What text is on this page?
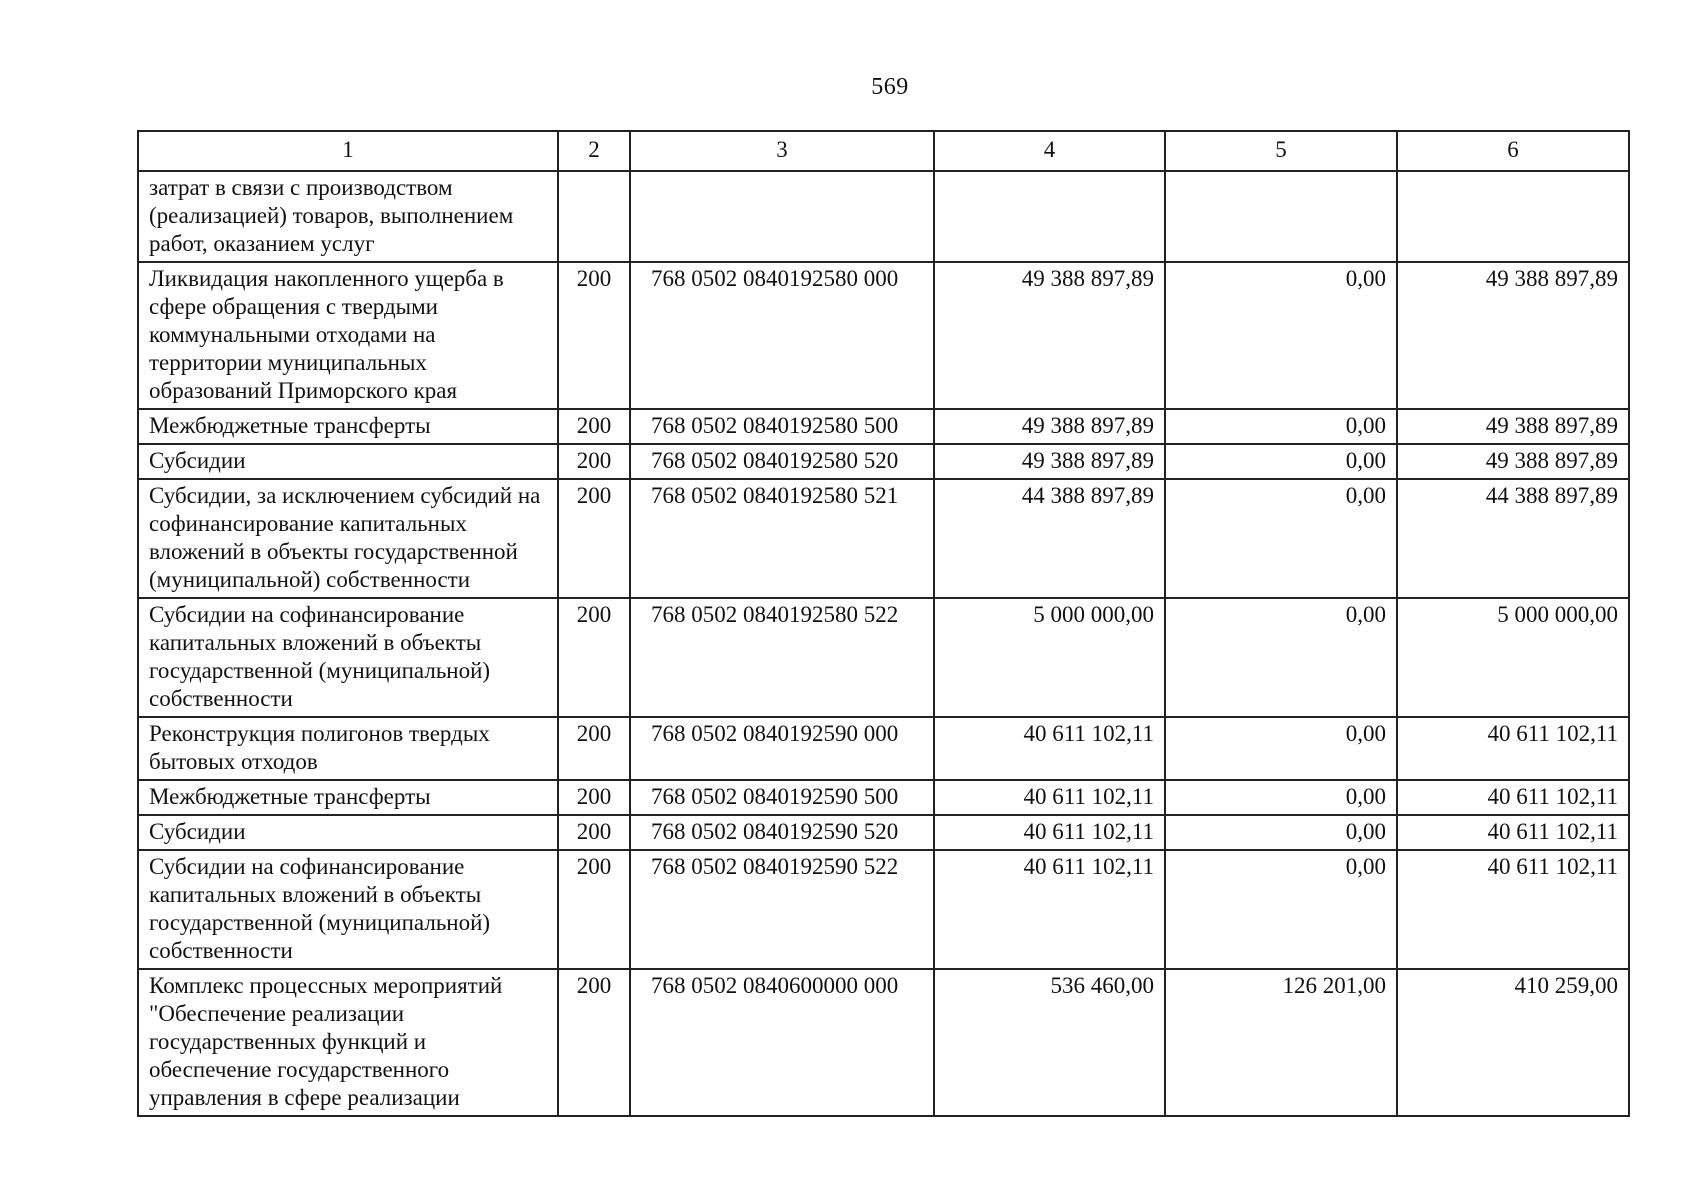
569
1	2	3	4	5	6
затрат в связи с производством (реализацией) товаров, выполнением работ, оказанием услуг					
Ликвидация накопленного ущерба в сфере обращения с твердыми коммунальными отходами на территории муниципальных образований Приморского края	200	768 0502 0840192580 000	49 388 897,89	0,00	49 388 897,89
Межбюджетные трансферты	200	768 0502 0840192580 500	49 388 897,89	0,00	49 388 897,89
Субсидии	200	768 0502 0840192580 520	49 388 897,89	0,00	49 388 897,89
Субсидии, за исключением субсидий на софинансирование капитальных вложений в объекты государственной (муниципальной) собственности	200	768 0502 0840192580 521	44 388 897,89	0,00	44 388 897,89
Субсидии на софинансирование капитальных вложений в объекты государственной (муниципальной) собственности	200	768 0502 0840192580 522	5 000 000,00	0,00	5 000 000,00
Реконструкция полигонов твердых бытовых отходов	200	768 0502 0840192590 000	40 611 102,11	0,00	40 611 102,11
Межбюджетные трансферты	200	768 0502 0840192590 500	40 611 102,11	0,00	40 611 102,11
Субсидии	200	768 0502 0840192590 520	40 611 102,11	0,00	40 611 102,11
Субсидии на софинансирование капитальных вложений в объекты государственной (муниципальной) собственности	200	768 0502 0840192590 522	40 611 102,11	0,00	40 611 102,11
Комплекс процессных мероприятий "Обеспечение реализации государственных функций и обеспечение государственного управления в сфере реализации	200	768 0502 0840600000 000	536 460,00	126 201,00	410 259,00
